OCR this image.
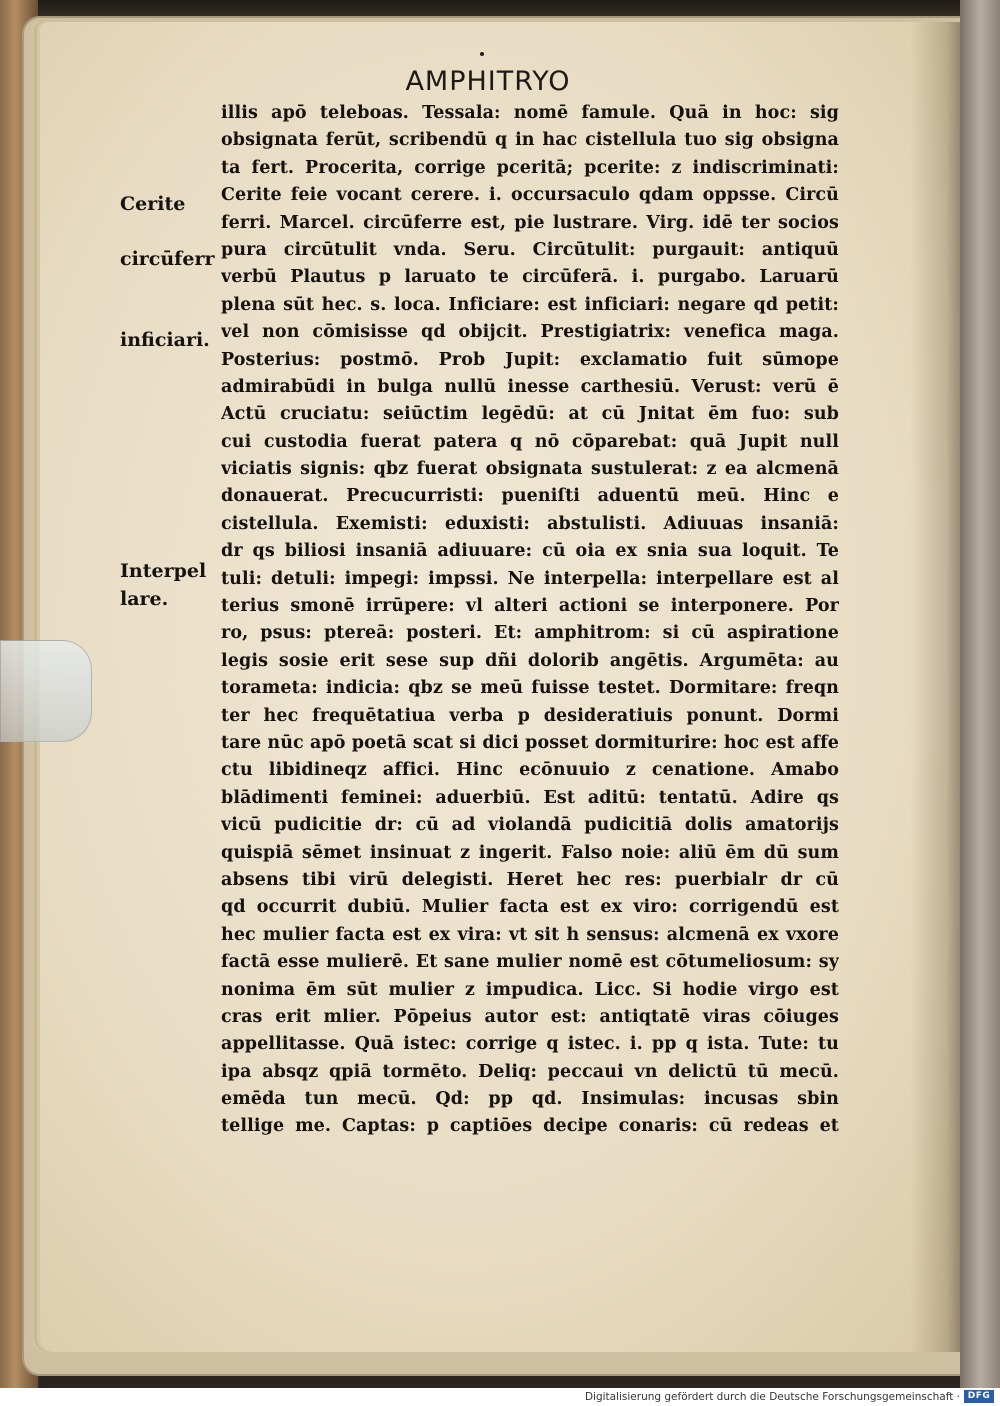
AMPHITRYO
Cerite
circūferr
inficiari.
Interpel
lare.
illis apō teleboas. Tessala: nomē famule. Quā in hoc: sig
obsignata ferūt, scribendū q in hac cistellula tuo sig obsigna
ta fert. Procerita, corrige pceritā; pcerite: z indiscriminati:
Cerite feie vocant cerere. i. occursaculo qdam oppsse. Circū
ferri. Marcel. circūferre est, pie lustrare. Virg. idē ter socios
pura circūtulit vnda. Seru. Circūtulit: purgauit: antiquū
verbū Plautus p laruato te circūferā. i. purgabo. Laruarū
plena sūt hec. s. loca. Inficiare: est inficiari: negare qd petit:
vel non cōmisisse qd obijcit. Prestigiatrix: venefica maga.
Posterius: postmō. Prob Jupit: exclamatio fuit sūmope
admirabūdi in bulga nullū inesse carthesiū. Verust: verū ē
Actū cruciatu: seiūctim legēdū: at cū Jnitat ēm fuo: sub
cui custodia fuerat patera q nō cōparebat: quā Jupit null
viciatis signis: qbz fuerat obsignata sustulerat: z ea alcmenā
donauerat. Precucurristi: pueniſti aduentū meū. Hinc e
cistellula. Exemisti: eduxisti: abstulisti. Adiuuas insaniā:
dr qs biliosi insaniā adiuuare: cū oia ex snia sua loquit. Te
tuli: detuli: impegi: impssi. Ne interpella: interpellare est al
terius smonē irrūpere: vl alteri actioni se interponere. Por
ro, psus: ptereā: posteri. Et: amphitrom: si cū aspiratione
legis sosie erit sese sup dñi dolorib angētis. Argumēta: au
torameta: indicia: qbz se meū fuisse testet. Dormitare: freqn
ter hec frequētatiua verba p desideratiuis ponunt. Dormi
tare nūc apō poetā scat si dici posset dormiturire: hoc est affe
ctu libidineqz affici. Hinc ecōnuuio z cenatione. Amabo
blādimenti feminei: aduerbiū. Est aditū: tentatū. Adire qs
vicū pudicitie dr: cū ad violandā pudicitiā dolis amatorijs
quispiā sēmet insinuat z ingerit. Falso noie: aliū ēm dū sum
absens tibi virū delegisti. Heret hec res: puerbialr dr cū
qd occurrit dubiū. Mulier facta est ex viro: corrigendū est
hec mulier facta est ex vira: vt sit h sensus: alcmenā ex vxore
factā esse mulierē. Et sane mulier nomē est cōtumeliosum: sy
nonima ēm sūt mulier z impudica. Licc. Si hodie virgo est
cras erit mlier. Pōpeius autor est: antiqtatē viras cōiuges
appellitasse. Quā istec: corrige q istec. i. pp q ista. Tute: tu
ipa absqz qpiā tormēto. Deliq: peccaui vn delictū tū mecū.
emēda tun mecū. Qd: pp qd. Insimulas: incusas sbin
tellige me. Captas: p captiōes decipe conaris: cū redeas et
Digitalisierung gefördert durch die Deutsche Forschungsgemeinschaft · DFG
